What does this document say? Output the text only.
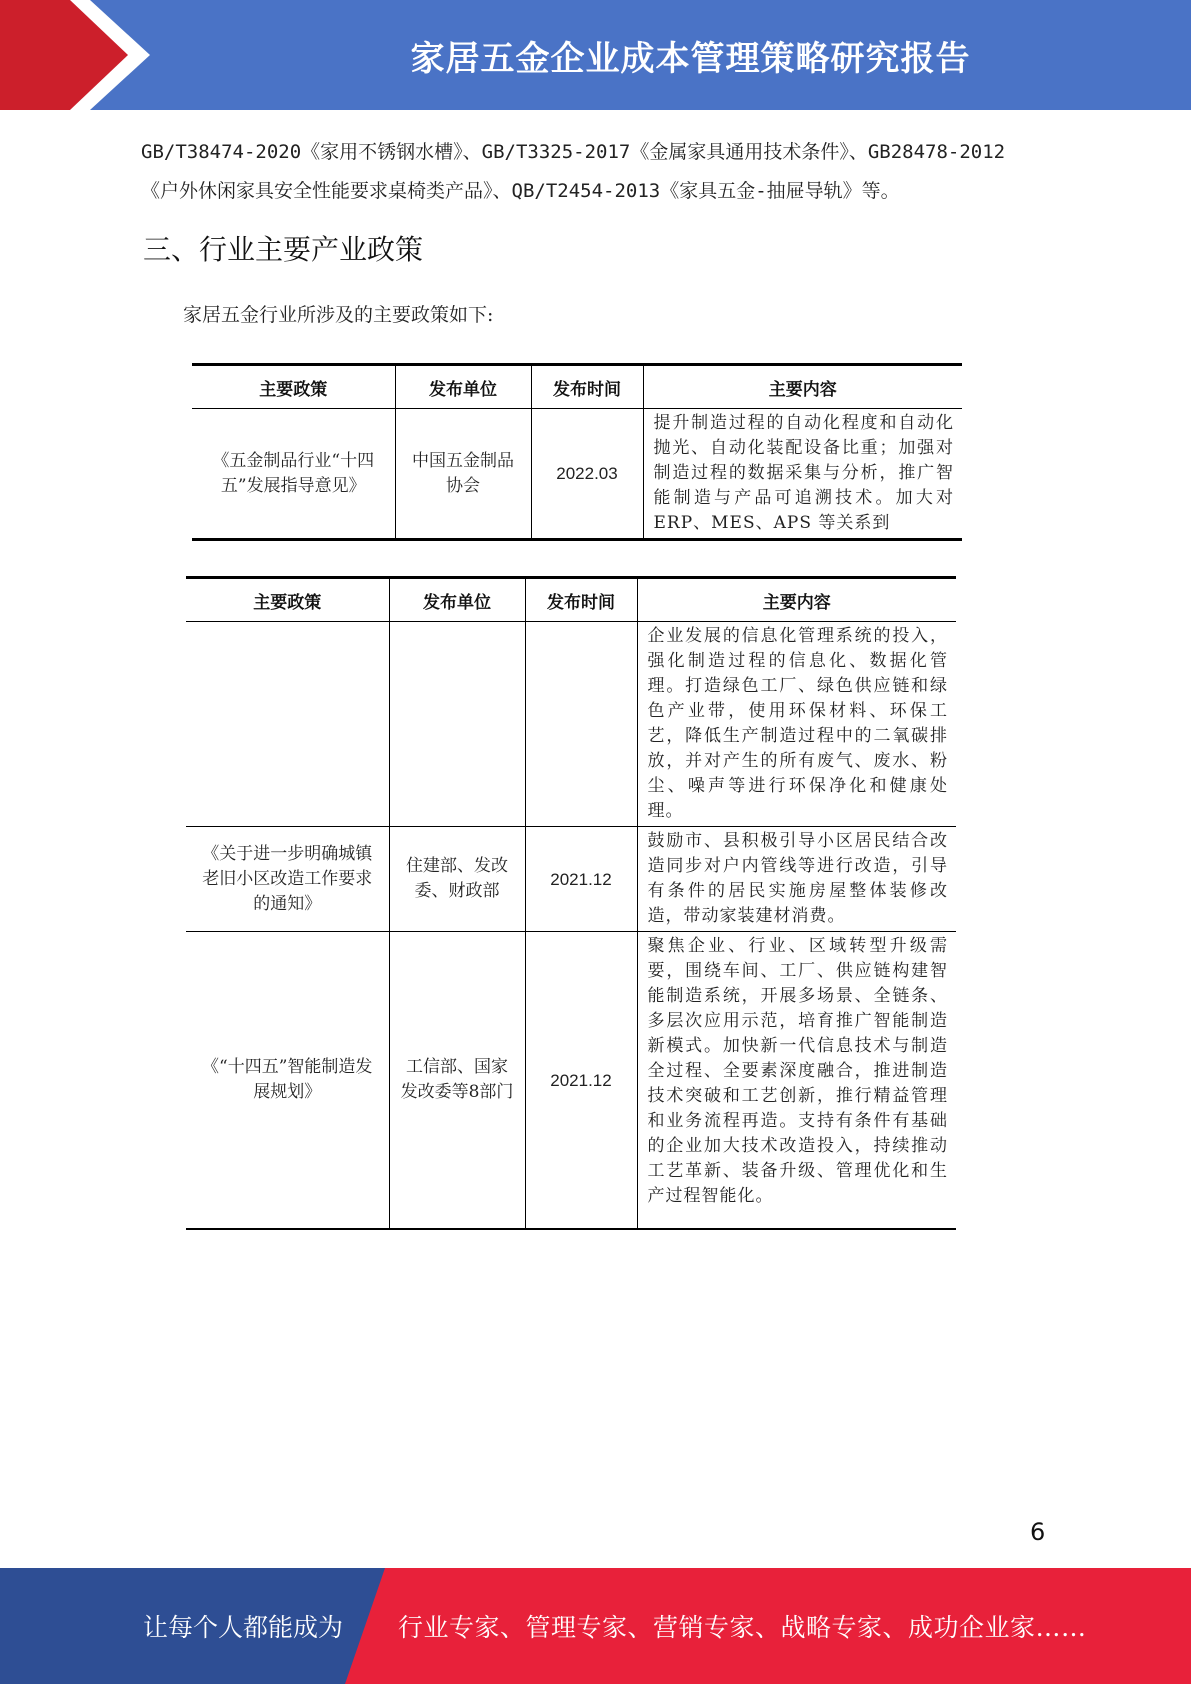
家居五金企业成本管理策略研究报告
GB/T38474-2020《家用不锈钢水槽》、GB/T3325-2017《金属家具通用技术条件》、GB28478-2012
《户外休闲家具安全性能要求桌椅类产品》、QB/T2454-2013《家具五金-抽屉导轨》等。
三、行业主要产业政策
家居五金行业所涉及的主要政策如下:
主要政策	发布单位	发布时间	主要内容
《五金制品行业“十四五”发展指导意见》	中国五金制品协会	2022.03	提升制造过程的自动化程度和自动化抛光、自动化装配设备比重；加强对制造过程的数据采集与分析，推广智能制造与产品可追溯技术。加大对 ERP、MES、APS 等关系到
主要政策	发布单位	发布时间	主要内容
			企业发展的信息化管理系统的投入，强化制造过程的信息化、数据化管理。打造绿色工厂、绿色供应链和绿色产业带，使用环保材料、环保工艺，降低生产制造过程中的二氧碳排放，并对产生的所有废气、废水、粉尘、噪声等进行环保净化和健康处理。
《关于进一步明确城镇老旧小区改造工作要求的通知》	住建部、发改委、财政部	2021.12	鼓励市、县积极引导小区居民结合改造同步对户内管线等进行改造，引导有条件的居民实施房屋整体装修改造，带动家装建材消费。
《“十四五”智能制造发展规划》	工信部、国家发改委等8部门	2021.12	聚焦企业、行业、区域转型升级需要，围绕车间、工厂、供应链构建智能制造系统，开展多场景、全链条、多层次应用示范，培育推广智能制造新模式。加快新一代信息技术与制造全过程、全要素深度融合，推进制造技术突破和工艺创新，推行精益管理和业务流程再造。支持有条件有基础的企业加大技术改造投入，持续推动工艺革新、装备升级、管理优化和生产过程智能化。
6
让每个人都能成为 行业专家、管理专家、营销专家、战略专家、成功企业家……
